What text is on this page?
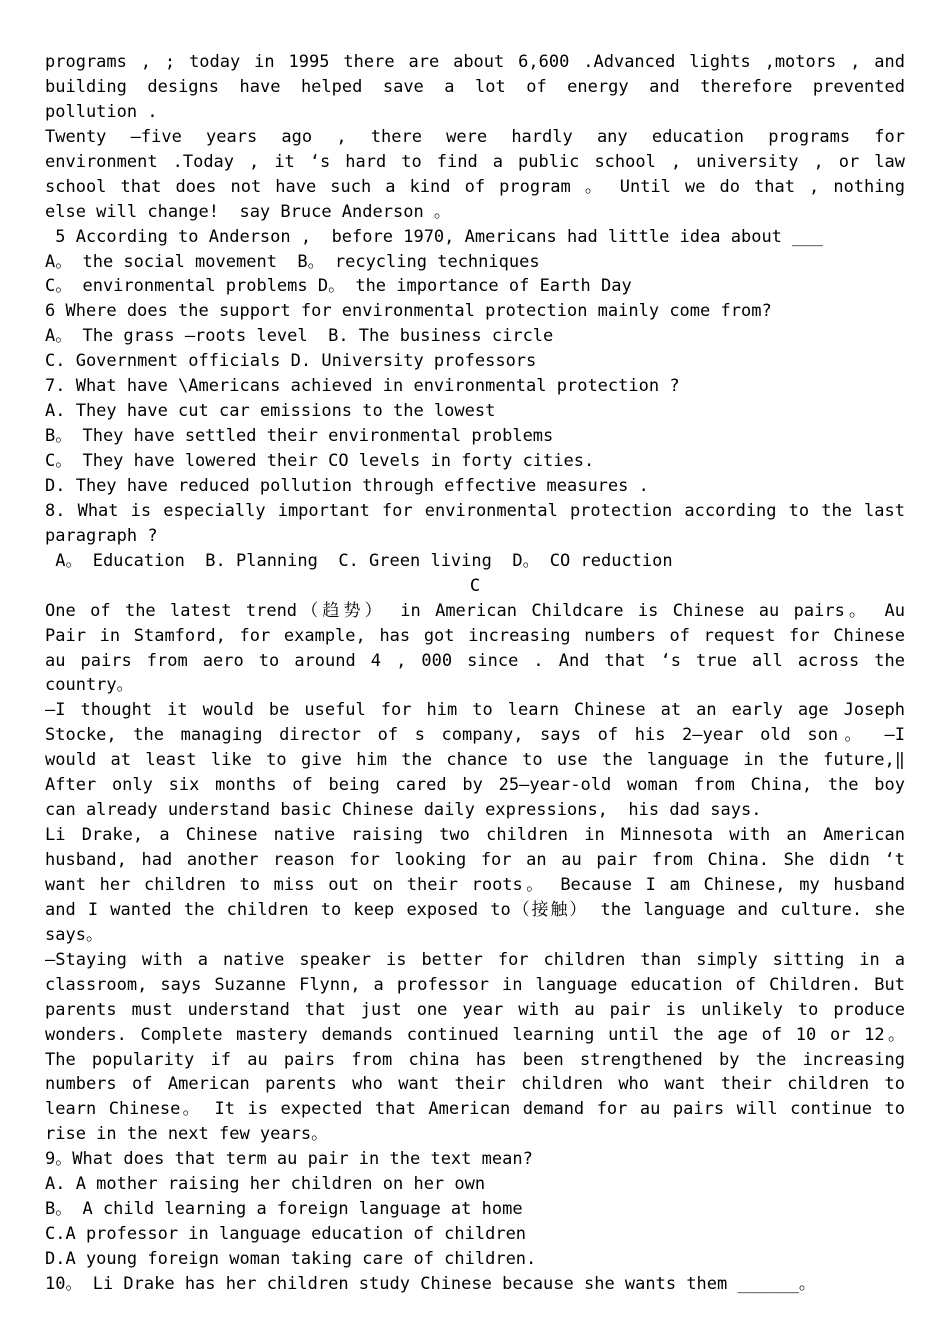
programs , ; today in 1995 there are about 6,600 .Advanced lights ,motors , and
building designs have helped save a lot of energy and therefore prevented
pollution .
Twenty –five years ago , there were hardly any education programs for
environment .Today , it ‘s hard to find a public school , university , or law
school that does not have such a kind of program 。 Until we do that , nothing
else will change!  say Bruce Anderson 。
5 According to Anderson ,  before 1970, Americans had little idea about ___
A。 the social movement  B。 recycling techniques
C。 environmental problems D。 the importance of Earth Day
6 Where does the support for environmental protection mainly come from?
A。 The grass –roots level  B. The business circle
C. Government officials D. University professors
7. What have \Americans achieved in environmental protection ?
A. They have cut car emissions to the lowest
B。 They have settled their environmental problems
C。 They have lowered their CO levels in forty cities.
D. They have reduced pollution through effective measures .
8. What is especially important for environmental protection according to the last
paragraph ?
A。 Education  B. Planning  C. Green living  D。 CO reduction
C
One of the latest trend（趋势） in American Childcare is Chinese au pairs。 Au
Pair in Stamford, for example, has got increasing numbers of request for Chinese
au pairs from aero to around 4 , 000 since . And that ‘s true all across the
country。
—I thought it would be useful for him to learn Chinese at an early age Joseph
Stocke, the managing director of s company, says of his 2—year old son。 —I
would at least like to give him the chance to use the language in the future,‖
After only six months of being cared by 25—year-old woman from China, the boy
can already understand basic Chinese daily expressions,  his dad says.
Li Drake, a Chinese native raising two children in Minnesota with an American
husband, had another reason for looking for an au pair from China. She didn ‘t
want her children to miss out on their roots。 Because I am Chinese, my husband
and I wanted the children to keep exposed to（接触） the language and culture. she
says。
—Staying with a native speaker is better for children than simply sitting in a
classroom, says Suzanne Flynn, a professor in language education of Children. But
parents must understand that just one year with au pair is unlikely to produce
wonders. Complete mastery demands continued learning until the age of 10 or 12。
The popularity if au pairs from china has been strengthened by the increasing
numbers of American parents who want their children who want their children to
learn Chinese。 It is expected that American demand for au pairs will continue to
rise in the next few years。
9。What does that term au pair in the text mean?
A. A mother raising her children on her own
B。 A child learning a foreign language at home
C.A professor in language education of children
D.A young foreign woman taking care of children.
10。 Li Drake has her children study Chinese because she wants them ______。
